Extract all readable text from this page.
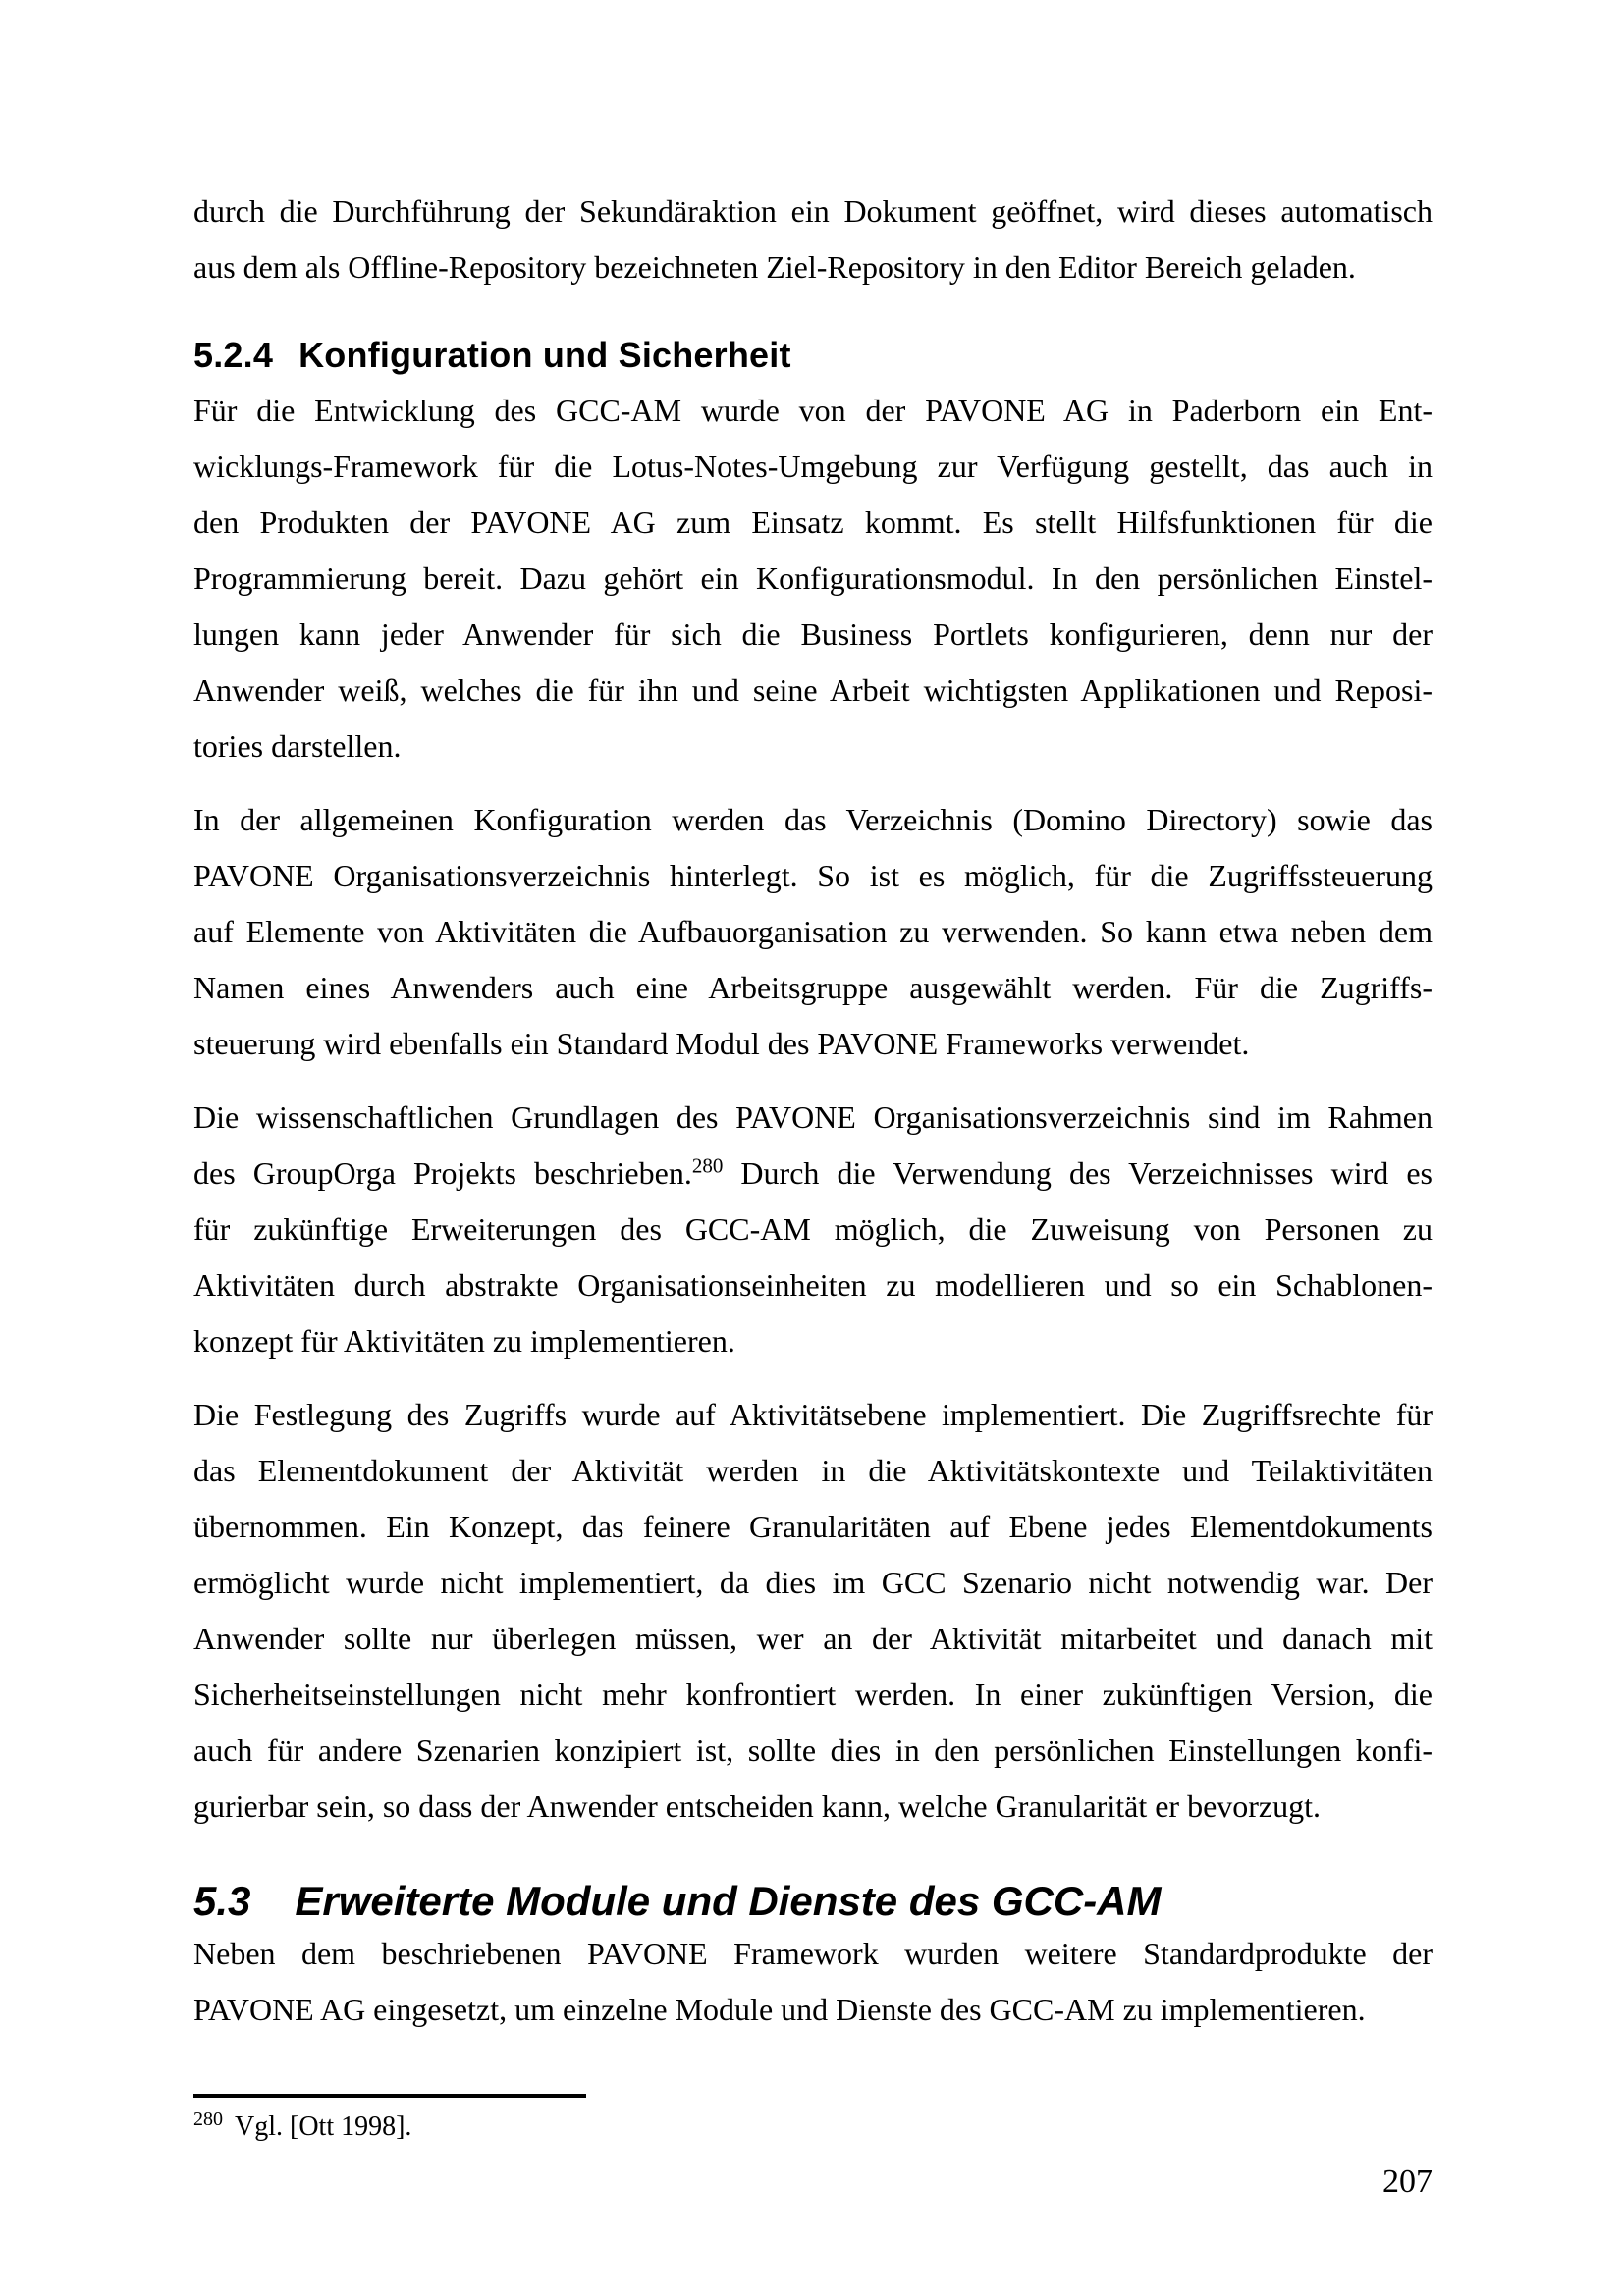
durch die Durchführung der Sekundäraktion ein Dokument geöffnet, wird dieses automatisch
aus dem als Offline-Repository bezeichneten Ziel-Repository in den Editor Bereich geladen.
5.2.4 Konfiguration und Sicherheit
Für die Entwicklung des GCC-AM wurde von der PAVONE AG in Paderborn ein Ent-
wicklungs-Framework für die Lotus-Notes-Umgebung zur Verfügung gestellt, das auch in
den Produkten der PAVONE AG zum Einsatz kommt. Es stellt Hilfsfunktionen für die
Programmierung bereit. Dazu gehört ein Konfigurationsmodul. In den persönlichen Einstel-
lungen kann jeder Anwender für sich die Business Portlets konfigurieren, denn nur der
Anwender weiß, welches die für ihn und seine Arbeit wichtigsten Applikationen und Reposi-
tories darstellen.
In der allgemeinen Konfiguration werden das Verzeichnis (Domino Directory) sowie das
PAVONE Organisationsverzeichnis hinterlegt. So ist es möglich, für die Zugriffssteuerung
auf Elemente von Aktivitäten die Aufbauorganisation zu verwenden. So kann etwa neben dem
Namen eines Anwenders auch eine Arbeitsgruppe ausgewählt werden. Für die Zugriffs-
steuerung wird ebenfalls ein Standard Modul des PAVONE Frameworks verwendet.
Die wissenschaftlichen Grundlagen des PAVONE Organisationsverzeichnis sind im Rahmen
des GroupOrga Projekts beschrieben.$^{280}$ Durch die Verwendung des Verzeichnisses wird es
für zukünftige Erweiterungen des GCC-AM möglich, die Zuweisung von Personen zu
Aktivitäten durch abstrakte Organisationseinheiten zu modellieren und so ein Schablonen-
konzept für Aktivitäten zu implementieren.
Die Festlegung des Zugriffs wurde auf Aktivitätsebene implementiert. Die Zugriffsrechte für
das Elementdokument der Aktivität werden in die Aktivitätskontexte und Teilaktivitäten
übernommen. Ein Konzept, das feinere Granularitäten auf Ebene jedes Elementdokuments
ermöglicht wurde nicht implementiert, da dies im GCC Szenario nicht notwendig war. Der
Anwender sollte nur überlegen müssen, wer an der Aktivität mitarbeitet und danach mit
Sicherheitseinstellungen nicht mehr konfrontiert werden. In einer zukünftigen Version, die
auch für andere Szenarien konzipiert ist, sollte dies in den persönlichen Einstellungen konfi-
gurierbar sein, so dass der Anwender entscheiden kann, welche Granularität er bevorzugt.
5.3 Erweiterte Module und Dienste des GCC-AM
Neben dem beschriebenen PAVONE Framework wurden weitere Standardprodukte der
PAVONE AG eingesetzt, um einzelne Module und Dienste des GCC-AM zu implementieren.
$^{280}$ Vgl. [Ott 1998].
207
